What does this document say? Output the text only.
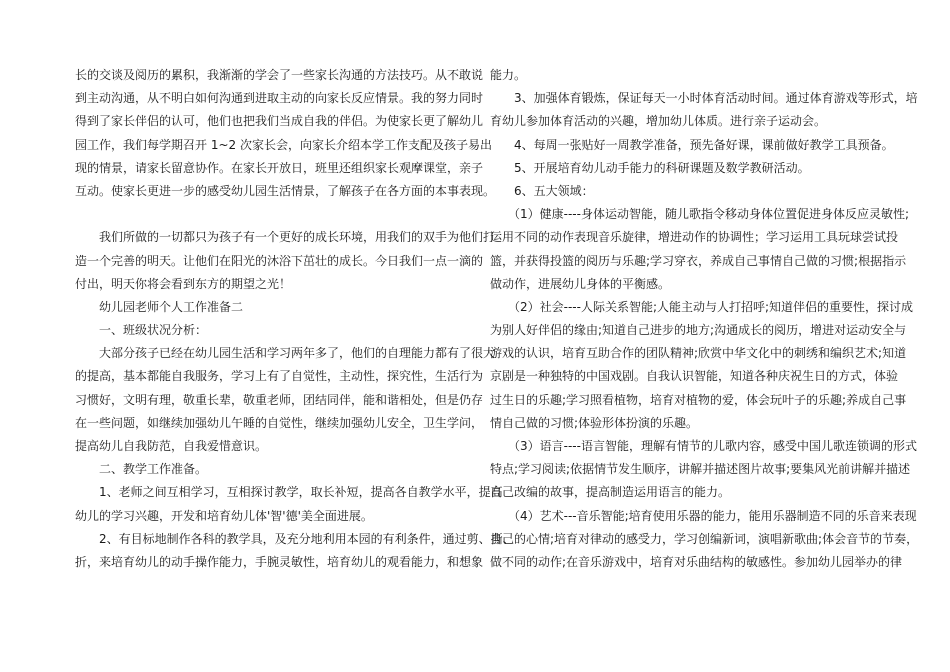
长的交谈及阅历的累积，我渐渐的学会了一些家长沟通的方法技巧。从不敢说
到主动沟通，从不明白如何沟通到进取主动的向家长反应情景。我的努力同时
得到了家长伴侣的认可，他们也把我们当成自我的伴侣。为使家长更了解幼儿
园工作，我们每学期召开 1~2 次家长会，向家长介绍本学工作支配及孩子易出
现的情景，请家长留意协作。在家长开放日，班里还组织家长观摩课堂，亲子
互动。使家长更进一步的感受幼儿园生活情景，了解孩子在各方面的本事表现。
　　我们所做的一切都只为孩子有一个更好的成长环境，用我们的双手为他们打
造一个完善的明天。让他们在阳光的沐浴下茁壮的成长。今日我们一点一滴的
付出，明天你将会看到东方的期望之光！
　　幼儿园老师个人工作准备二
　　一、班级状况分析：
　　大部分孩子已经在幼儿园生活和学习两年多了，他们的自理能力都有了很大
的提高，基本都能自我服务，学习上有了自觉性，主动性，探究性，生活行为
习惯好，文明有理，敬重长辈，敬重老师，团结同伴，能和谐相处，但是仍存
在一些问题，如继续加强幼儿午睡的自觉性，继续加强幼儿安全，卫生学问，
提高幼儿自我防范，自我爱惜意识。
　　二、教学工作准备。
　　1、老师之间互相学习，互相探讨教学，取长补短，提高各自教学水平，提高
幼儿的学习兴趣，开发和培育幼儿体'智'德'美全面进展。
　　2、有目标地制作各科的教学具，及充分地利用本园的有利条件，通过剪、撕、
折，来培育幼儿的动手操作能力，手腕灵敏性，培育幼儿的观看能力，和想象
能力。
　　3、加强体育锻炼，保证每天一小时体育活动时间。通过体育游戏等形式，培
育幼儿参加体育活动的兴趣，增加幼儿体质。进行亲子运动会。
　　4、每周一张贴好一周教学准备，预先备好课，课前做好教学工具预备。
　　5、开展培育幼儿动手能力的科研课题及数学教研活动。
　　6、五大领域：
　　（1）健康----身体运动智能，随儿歌指令移动身体位置促进身体反应灵敏性;
运用不同的动作表现音乐旋律，增进动作的协调性；学习运用工具玩球尝试投
篮，并获得投篮的阅历与乐趣;学习穿衣，养成自己事情自己做的习惯;根据指示
做动作，进展幼儿身体的平衡感。
　　（2）社会----人际关系智能;人能主动与人打招呼;知道伴侣的重要性，探讨成
为别人好伴侣的缘由;知道自己进步的地方;沟通成长的阅历，增进对运动安全与
游戏的认识，培育互助合作的团队精神;欣赏中华文化中的刺绣和编织艺术;知道
京剧是一种独特的中国戏剧。自我认识智能，知道各种庆祝生日的方式，体验
过生日的乐趣;学习照看植物，培育对植物的爱，体会玩叶子的乐趣;养成自己事
情自己做的习惯;体验形体扮演的乐趣。
　　（3）语言----语言智能，理解有情节的儿歌内容，感受中国儿歌连锁调的形式
特点;学习阅读;依据情节发生顺序，讲解并描述图片故事;要集风光前讲解并描述
自己改编的故事，提高制造运用语言的能力。
　　（4）艺术---音乐智能;培育使用乐器的能力，能用乐器制造不同的乐音来表现
自己的心情;培育对律动的感受力，学习创编新词，演唱新歌曲;体会音节的节奏，
做不同的动作;在音乐游戏中，培育对乐曲结构的敏感性。参加幼儿园举办的律
